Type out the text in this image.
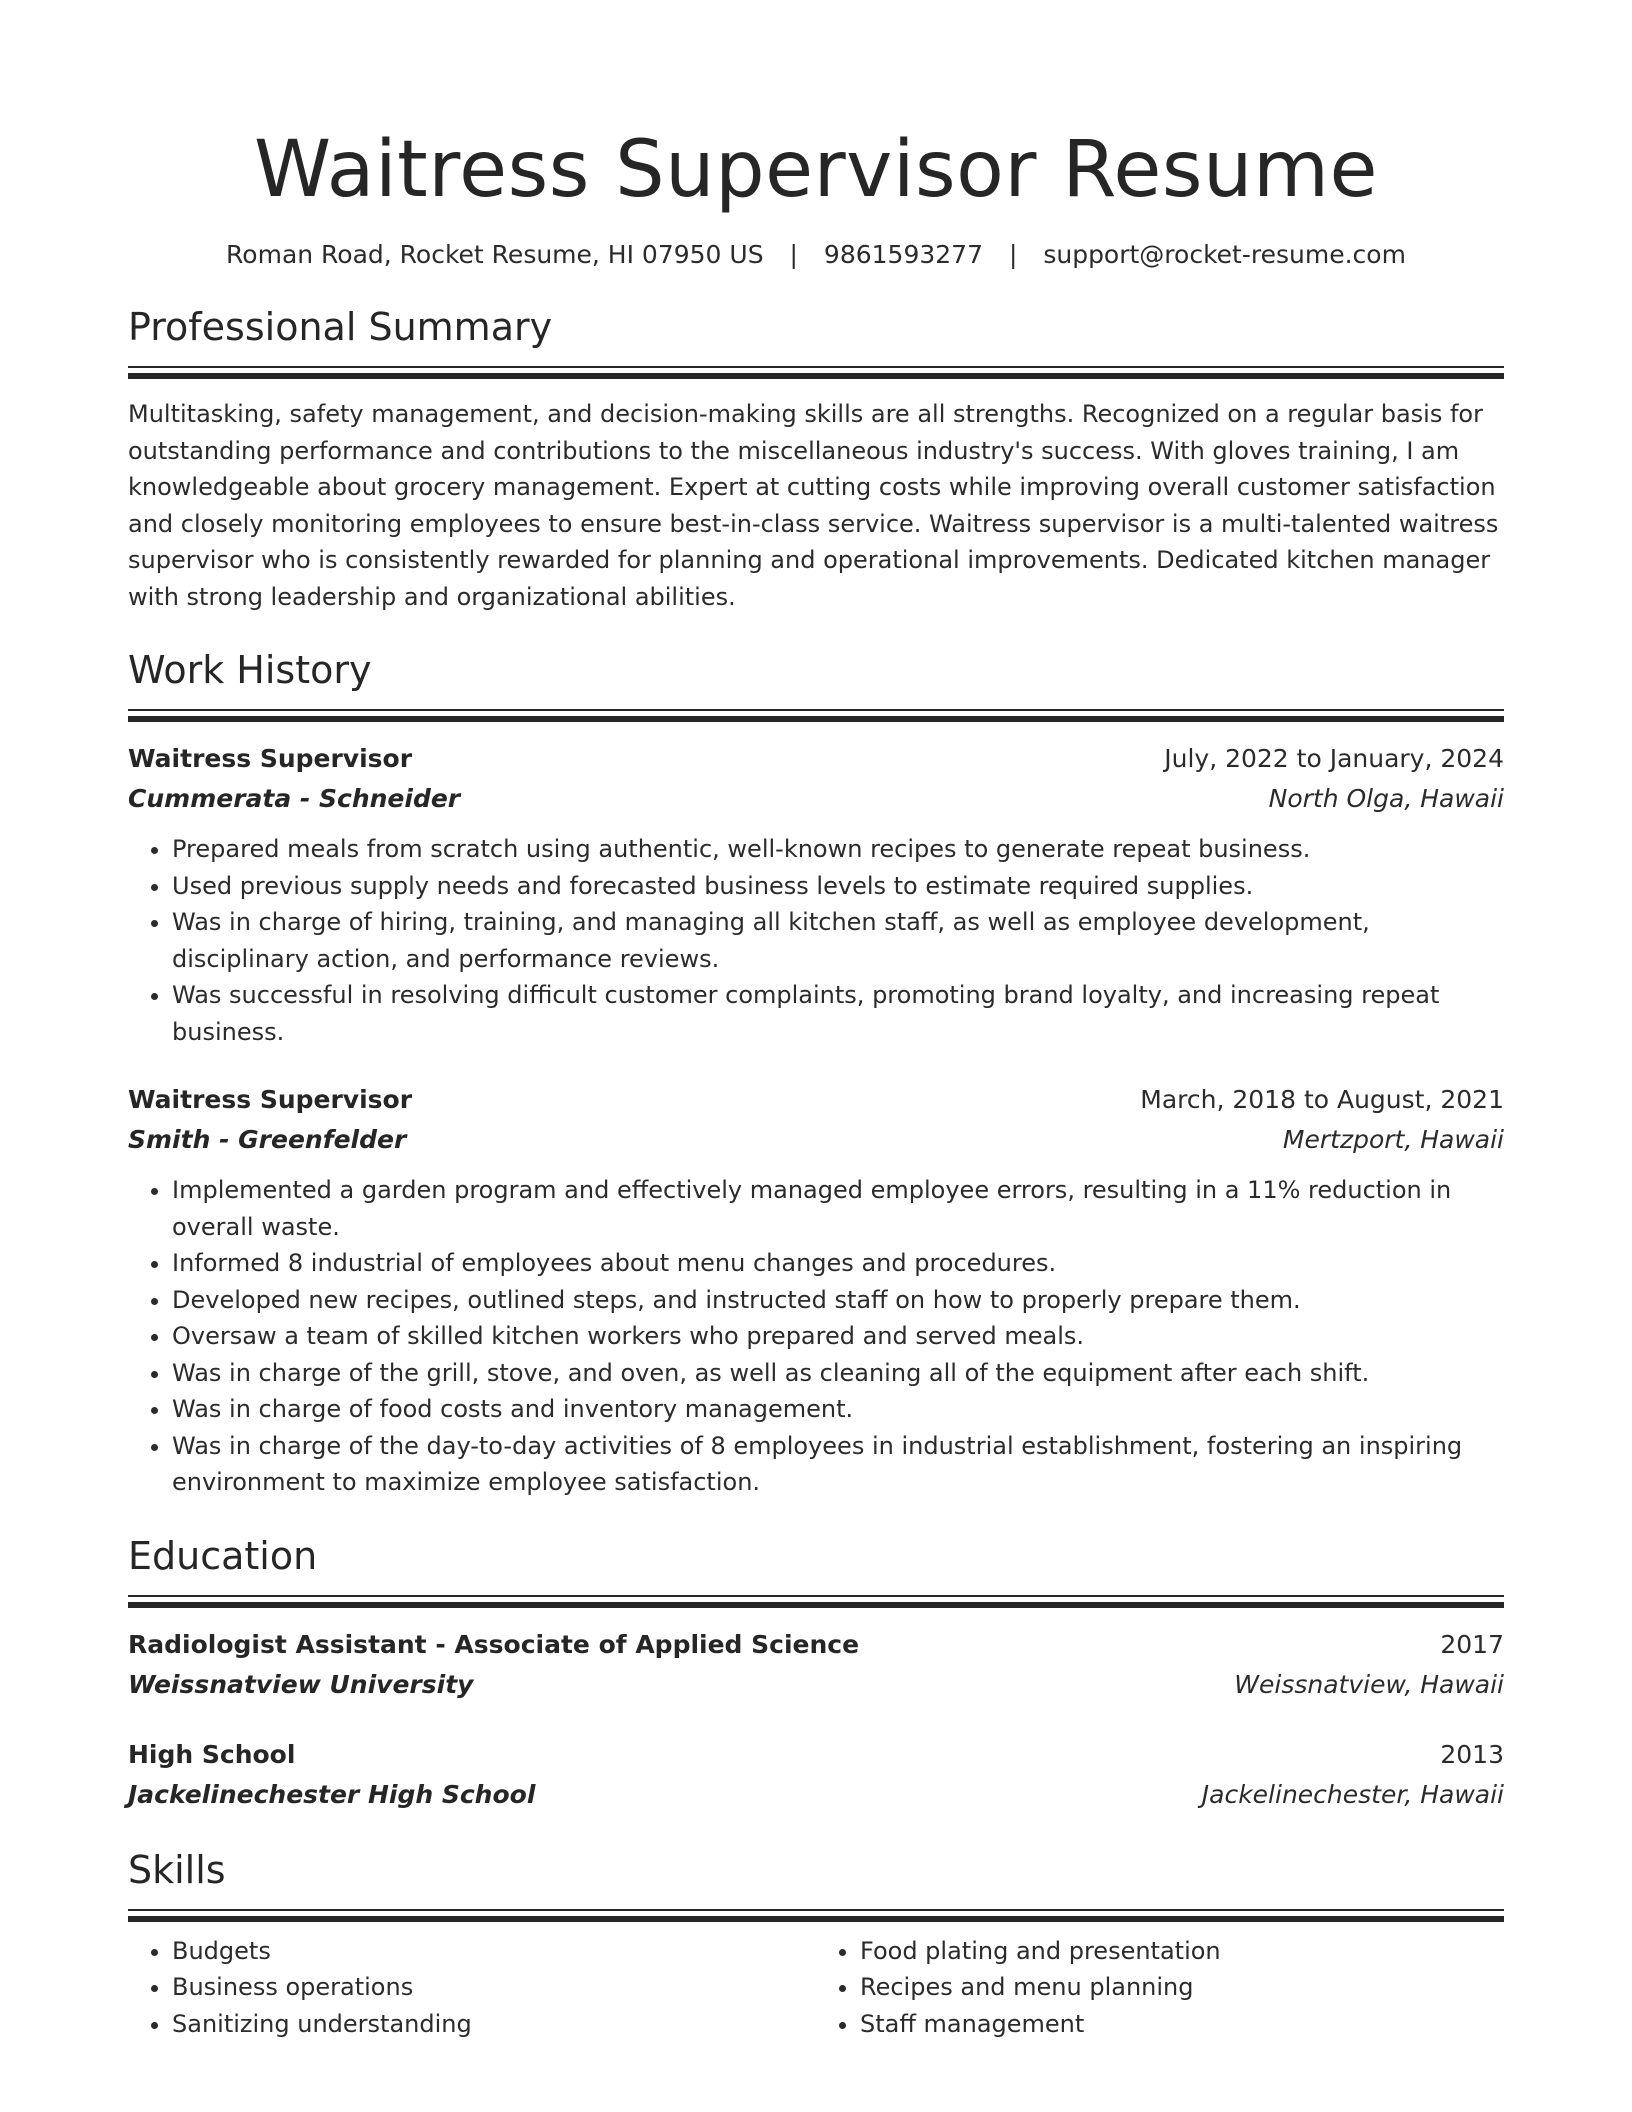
Waitress Supervisor Resume
Roman Road, Rocket Resume, HI 07950 US | 9861593277 | support@rocket-resume.com
Professional Summary
Multitasking, safety management, and decision-making skills are all strengths. Recognized on a regular basis for outstanding performance and contributions to the miscellaneous industry's success. With gloves training, I am knowledgeable about grocery management. Expert at cutting costs while improving overall customer satisfaction and closely monitoring employees to ensure best-in-class service. Waitress supervisor is a multi-talented waitress supervisor who is consistently rewarded for planning and operational improvements. Dedicated kitchen manager with strong leadership and organizational abilities.
Work History
Waitress Supervisor	July, 2022 to January, 2024
Cummerata - Schneider	North Olga, Hawaii
• Prepared meals from scratch using authentic, well-known recipes to generate repeat business.
• Used previous supply needs and forecasted business levels to estimate required supplies.
• Was in charge of hiring, training, and managing all kitchen staff, as well as employee development, disciplinary action, and performance reviews.
• Was successful in resolving difficult customer complaints, promoting brand loyalty, and increasing repeat business.
Waitress Supervisor	March, 2018 to August, 2021
Smith - Greenfelder	Mertzport, Hawaii
• Implemented a garden program and effectively managed employee errors, resulting in a 11% reduction in overall waste.
• Informed 8 industrial of employees about menu changes and procedures.
• Developed new recipes, outlined steps, and instructed staff on how to properly prepare them.
• Oversaw a team of skilled kitchen workers who prepared and served meals.
• Was in charge of the grill, stove, and oven, as well as cleaning all of the equipment after each shift.
• Was in charge of food costs and inventory management.
• Was in charge of the day-to-day activities of 8 employees in industrial establishment, fostering an inspiring environment to maximize employee satisfaction.
Education
Radiologist Assistant - Associate of Applied Science	2017
Weissnatview University	Weissnatview, Hawaii
High School	2013
Jackelinechester High School	Jackelinechester, Hawaii
Skills
• Budgets
• Business operations
• Sanitizing understanding
• Food plating and presentation
• Recipes and menu planning
• Staff management
